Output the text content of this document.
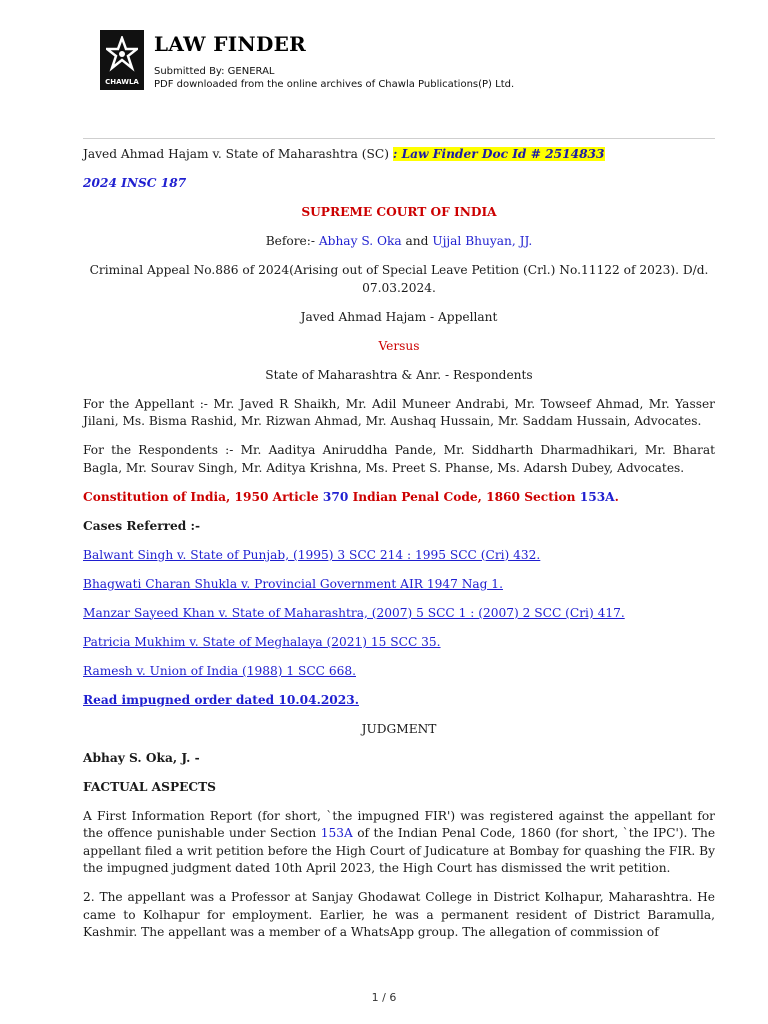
CHAWLA
LAW FINDER
Submitted By: GENERAL
PDF downloaded from the online archives of Chawla Publications(P) Ltd.

Javed Ahmad Hajam v. State of Maharashtra (SC) : Law Finder Doc Id # 2514833

2024 INSC 187

SUPREME COURT OF INDIA

Before:- Abhay S. Oka and Ujjal Bhuyan, JJ.

Criminal Appeal No.886 of 2024(Arising out of Special Leave Petition (Crl.) No.11122 of 2023). D/d. 07.03.2024.

Javed Ahmad Hajam - Appellant

Versus

State of Maharashtra & Anr. - Respondents

For the Appellant :- Mr. Javed R Shaikh, Mr. Adil Muneer Andrabi, Mr. Towseef Ahmad, Mr. Yasser Jilani, Ms. Bisma Rashid, Mr. Rizwan Ahmad, Mr. Aushaq Hussain, Mr. Saddam Hussain, Advocates.

For the Respondents :- Mr. Aaditya Aniruddha Pande, Mr. Siddharth Dharmadhikari, Mr. Bharat Bagla, Mr. Sourav Singh, Mr. Aditya Krishna, Ms. Preet S. Phanse, Ms. Adarsh Dubey, Advocates.

Constitution of India, 1950 Article 370 Indian Penal Code, 1860 Section 153A.

Cases Referred :-

Balwant Singh v. State of Punjab, (1995) 3 SCC 214 : 1995 SCC (Cri) 432.

Bhagwati Charan Shukla v. Provincial Government AIR 1947 Nag 1.

Manzar Sayeed Khan v. State of Maharashtra, (2007) 5 SCC 1 : (2007) 2 SCC (Cri) 417.

Patricia Mukhim v. State of Meghalaya (2021) 15 SCC 35.

Ramesh v. Union of India (1988) 1 SCC 668.

Read impugned order dated 10.04.2023.

JUDGMENT

Abhay S. Oka, J. -

FACTUAL ASPECTS

A First Information Report (for short, `the impugned FIR') was registered against the appellant for the offence punishable under Section 153A of the Indian Penal Code, 1860 (for short, `the IPC'). The appellant filed a writ petition before the High Court of Judicature at Bombay for quashing the FIR. By the impugned judgment dated 10th April 2023, the High Court has dismissed the writ petition.

2. The appellant was a Professor at Sanjay Ghodawat College in District Kolhapur, Maharashtra. He came to Kolhapur for employment. Earlier, he was a permanent resident of District Baramulla, Kashmir. The appellant was a member of a WhatsApp group. The allegation of commission of

1 / 6
